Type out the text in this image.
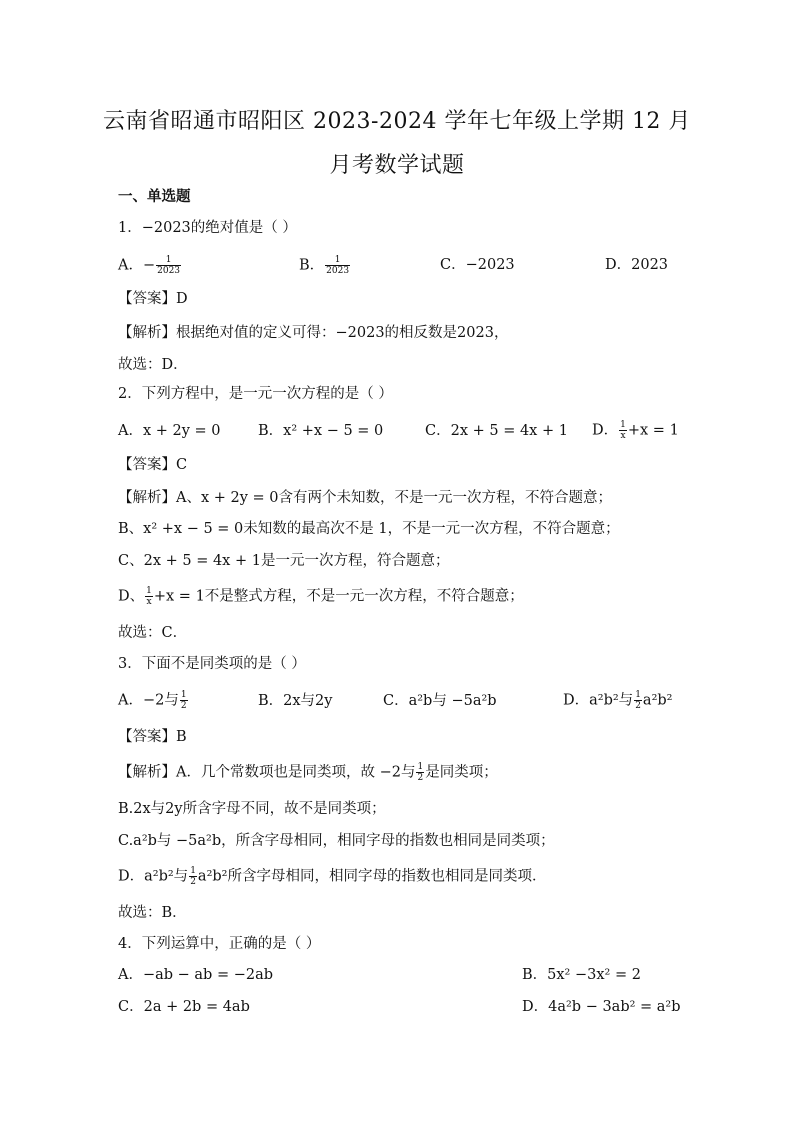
云南省昭通市昭阳区 2023-2024 学年七年级上学期 12 月
月考数学试题
一、单选题
1．−2023的绝对值是（ ）
A．− $\frac{1}{2023}$	B． $\frac{1}{2023}$	C．−2023	D．2023
【答案】D
【解析】根据绝对值的定义可得：−2023的相反数是2023，
故选：D．
2．下列方程中，是一元一次方程的是（ ）
A．x + 2y = 0	B．x² +x − 5 = 0	C．2x + 5 = 4x + 1 D． $\frac{1}{x} +x = 1$
【答案】C
【解析】A、x + 2y = 0含有两个未知数，不是一元一次方程，不符合题意；
B、x² +x − 5 = 0未知数的最高次不是 1，不是一元一次方程，不符合题意；
C、2x + 5 = 4x + 1是一元一次方程，符合题意；
D、 $\frac{1}{x} +x = 1$不是整式方程，不是一元一次方程，不符合题意；
故选：C．
3．下面不是同类项的是（ ）
A．−2与 $\frac{1}{2}$	B．2x与2y	C．a²b与 −5a²b	D．a²b²与 $\frac{1}{2} a^2b^2$
【答案】B
【解析】A．几个常数项也是同类项，故 −2与 $\frac{1}{2}$ 是同类项；
B.2x与2y所含字母不同，故不是同类项；
C.a²b与 −5a²b，所含字母相同，相同字母的指数也相同是同类项；
D．a²b²与 $\frac{1}{2} a^2b^2$所含字母相同，相同字母的指数也相同是同类项．
故选：B．
4．下列运算中，正确的是（ ）
A．−ab − ab = −2ab	B．5x² −3x² = 2
C．2a + 2b = 4ab	D．4a²b − 3ab² = a²b
